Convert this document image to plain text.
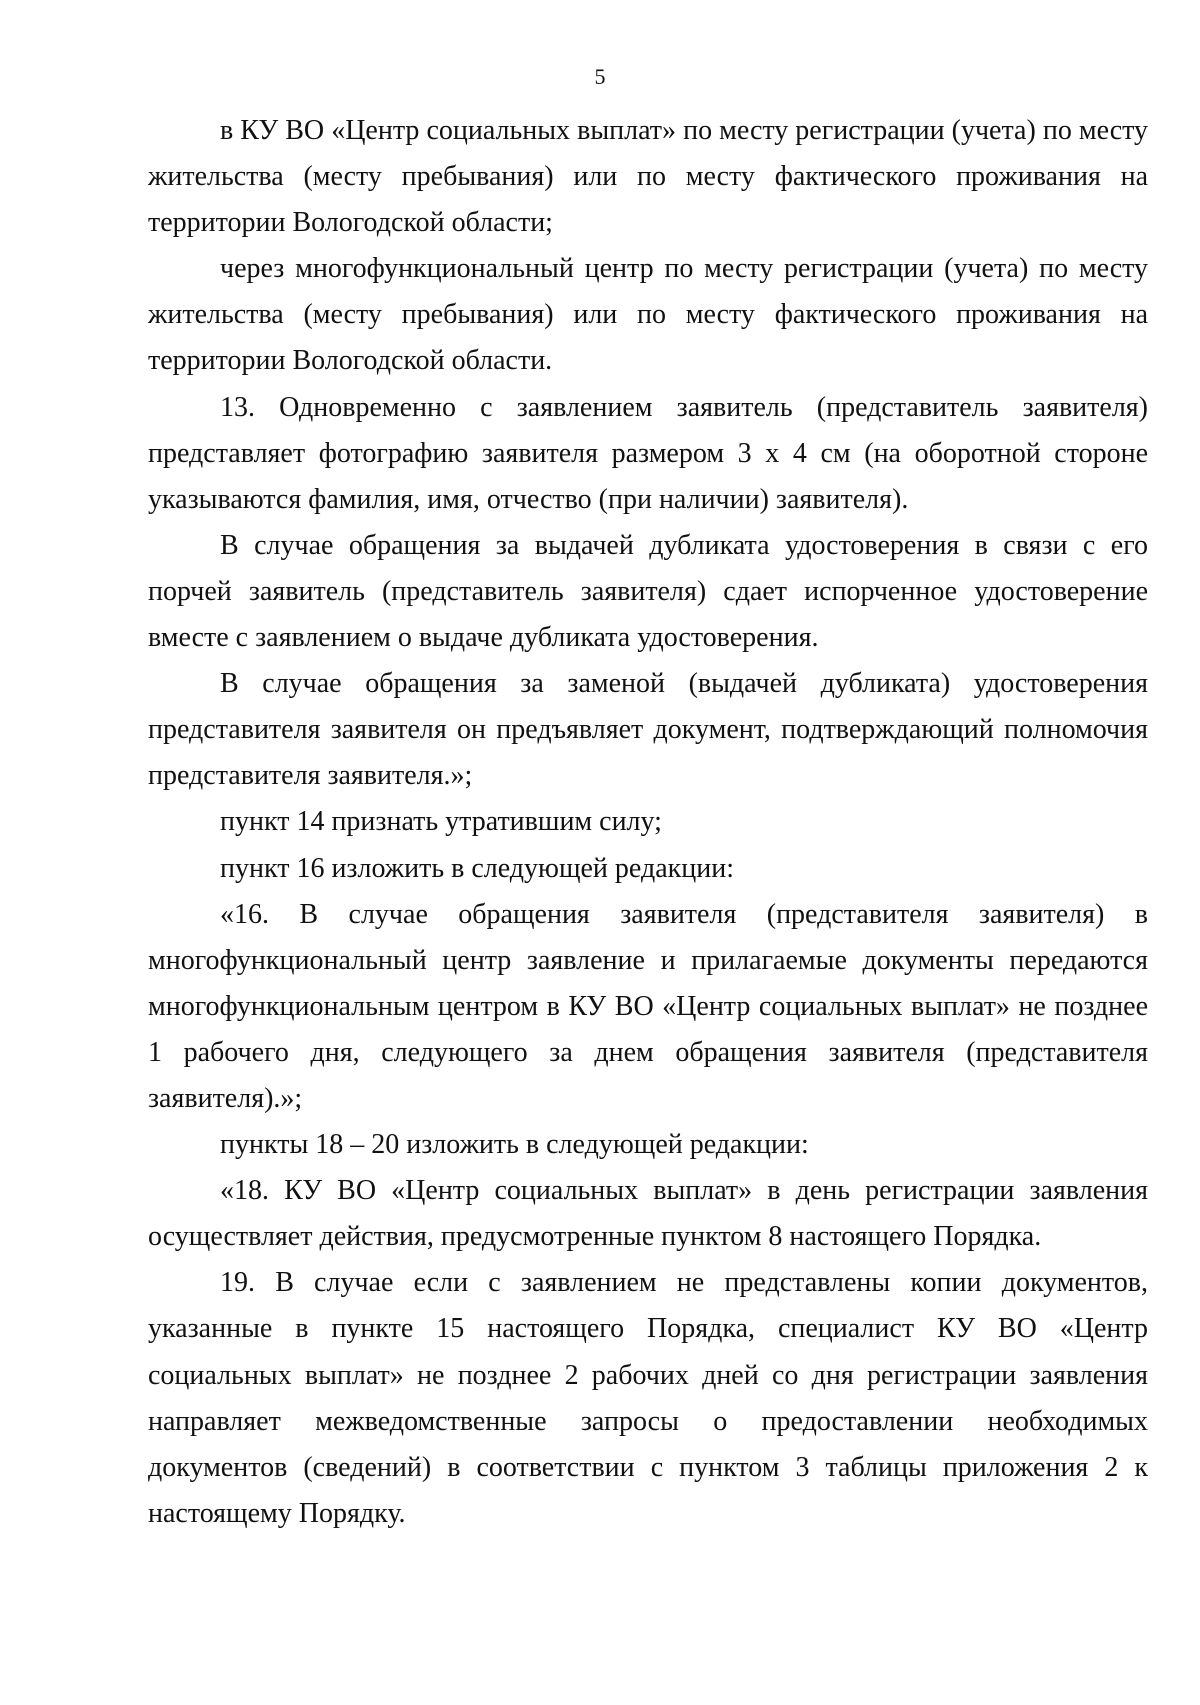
5

в КУ ВО «Центр социальных выплат» по месту регистрации (учета) по месту жительства (месту пребывания) или по месту фактического проживания на территории Вологодской области;

через многофункциональный центр по месту регистрации (учета) по месту жительства (месту пребывания) или по месту фактического проживания на территории Вологодской области.

13. Одновременно с заявлением заявитель (представитель заявителя) представляет фотографию заявителя размером 3 х 4 см (на оборотной стороне указываются фамилия, имя, отчество (при наличии) заявителя).

В случае обращения за выдачей дубликата удостоверения в связи с его порчей заявитель (представитель заявителя) сдает испорченное удостоверение вместе с заявлением о выдаче дубликата удостоверения.

В случае обращения за заменой (выдачей дубликата) удостоверения представителя заявителя он предъявляет документ, подтверждающий полномочия представителя заявителя.»;

пункт 14 признать утратившим силу;

пункт 16 изложить в следующей редакции:

«16. В случае обращения заявителя (представителя заявителя) в многофункциональный центр заявление и прилагаемые документы передаются многофункциональным центром в КУ ВО «Центр социальных выплат» не позднее 1 рабочего дня, следующего за днем обращения заявителя (представителя заявителя).»;

пункты 18 – 20 изложить в следующей редакции:

«18. КУ ВО «Центр социальных выплат» в день регистрации заявления осуществляет действия, предусмотренные пунктом 8 настоящего Порядка.

19. В случае если с заявлением не представлены копии документов, указанные в пункте 15 настоящего Порядка, специалист КУ ВО «Центр социальных выплат» не позднее 2 рабочих дней со дня регистрации заявления направляет межведомственные запросы о предоставлении необходимых документов (сведений) в соответствии с пунктом 3 таблицы приложения 2 к настоящему Порядку.
